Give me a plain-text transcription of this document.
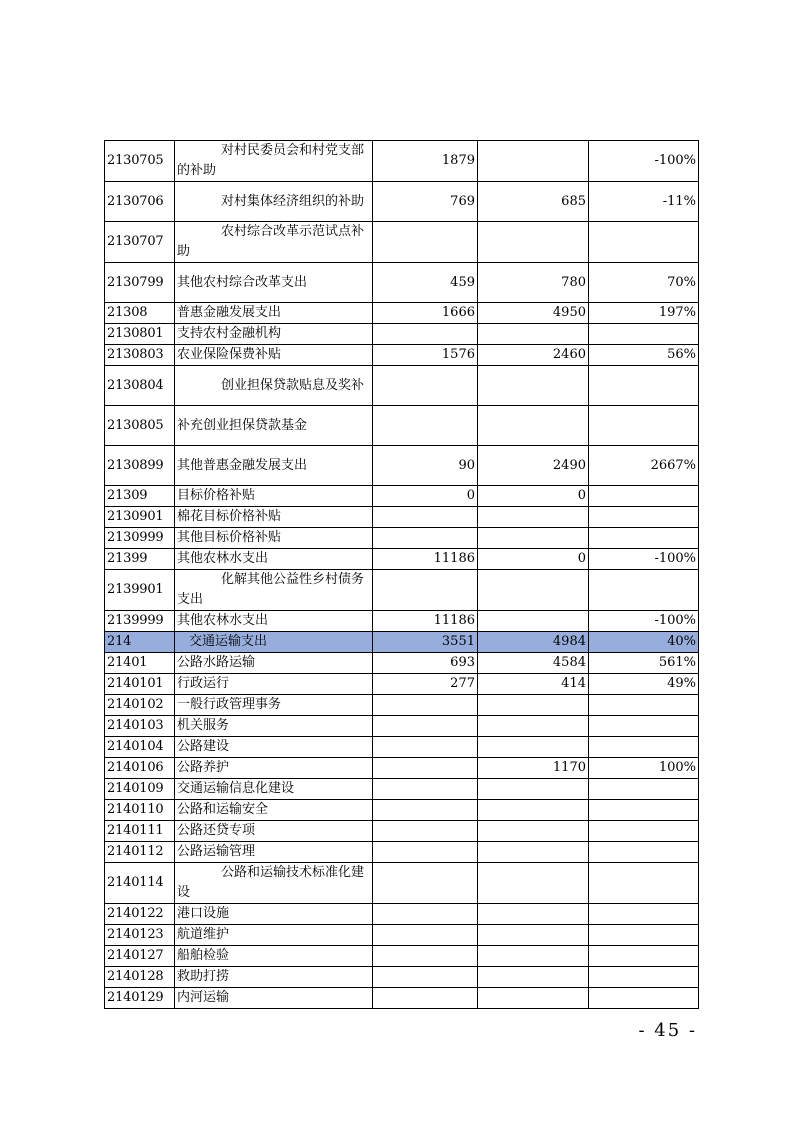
2130705	对村民委员会和村党支部的补助	1879		-100%
2130706	对村集体经济组织的补助	769	685	-11%
2130707	农村综合改革示范试点补助			
2130799	其他农村综合改革支出	459	780	70%
21308	普惠金融发展支出	1666	4950	197%
2130801	支持农村金融机构			
2130803	农业保险保费补贴	1576	2460	56%
2130804	创业担保贷款贴息及奖补			
2130805	补充创业担保贷款基金			
2130899	其他普惠金融发展支出	90	2490	2667%
21309	目标价格补贴	0	0	
2130901	棉花目标价格补贴			
2130999	其他目标价格补贴			
21399	其他农林水支出	11186	0	-100%
2139901	化解其他公益性乡村债务支出			
2139999	其他农林水支出	11186		-100%
214	交通运输支出	3551	4984	40%
21401	公路水路运输	693	4584	561%
2140101	行政运行	277	414	49%
2140102	一般行政管理事务			
2140103	机关服务			
2140104	公路建设			
2140106	公路养护		1170	100%
2140109	交通运输信息化建设			
2140110	公路和运输安全			
2140111	公路还贷专项			
2140112	公路运输管理			
2140114	公路和运输技术标准化建设			
2140122	港口设施			
2140123	航道维护			
2140127	船舶检验			
2140128	救助打捞			
2140129	内河运输			
- 45 -
